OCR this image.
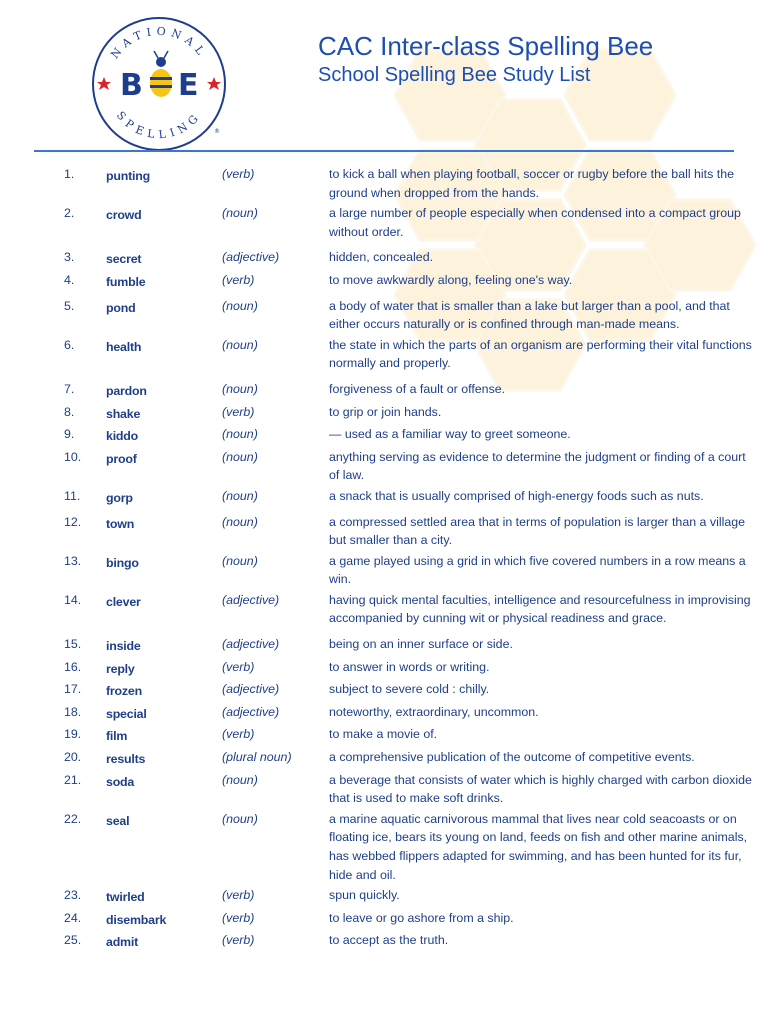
NATIONAL
SPELLING
B E
®
CAC Inter-class Spelling Bee
School Spelling Bee Study List
1.	punting	(verb)	to kick a ball when playing football, soccer or rugby before the ball hits the ground when dropped from the hands.
2.	crowd	(noun)	a large number of people especially when condensed into a compact group without order.
3.	secret	(adjective)	hidden, concealed.
4.	fumble	(verb)	to move awkwardly along, feeling one's way.
5.	pond	(noun)	a body of water that is smaller than a lake but larger than a pool, and that either occurs naturally or is confined through man-made means.
6.	health	(noun)	the state in which the parts of an organism are performing their vital functions normally and properly.
7.	pardon	(noun)	forgiveness of a fault or offense.
8.	shake	(verb)	to grip or join hands.
9.	kiddo	(noun)	— used as a familiar way to greet someone.
10. proof	(noun)	anything serving as evidence to determine the judgment or finding of a court of law.
11. gorp	(noun)	a snack that is usually comprised of high-energy foods such as nuts.
12. town	(noun)	a compressed settled area that in terms of population is larger than a village but smaller than a city.
13. bingo	(noun)	a game played using a grid in which five covered numbers in a row means a win.
14. clever	(adjective)	having quick mental faculties, intelligence and resourcefulness in improvising accompanied by cunning wit or physical readiness and grace.
15. inside	(adjective)	being on an inner surface or side.
16. reply	(verb)	to answer in words or writing.
17. frozen	(adjective)	subject to severe cold : chilly.
18. special	(adjective)	noteworthy, extraordinary, uncommon.
19. film	(verb)	to make a movie of.
20. results	(plural noun)	a comprehensive publication of the outcome of competitive events.
21. soda	(noun)	a beverage that consists of water which is highly charged with carbon dioxide that is used to make soft drinks.
22. seal	(noun)	a marine aquatic carnivorous mammal that lives near cold seacoasts or on floating ice, bears its young on land, feeds on fish and other marine animals, has webbed flippers adapted for swimming, and has been hunted for its fur, hide and oil.
23. twirled	(verb)	spun quickly.
24. disembark	(verb)	to leave or go ashore from a ship.
25. admit	(verb)	to accept as the truth.
